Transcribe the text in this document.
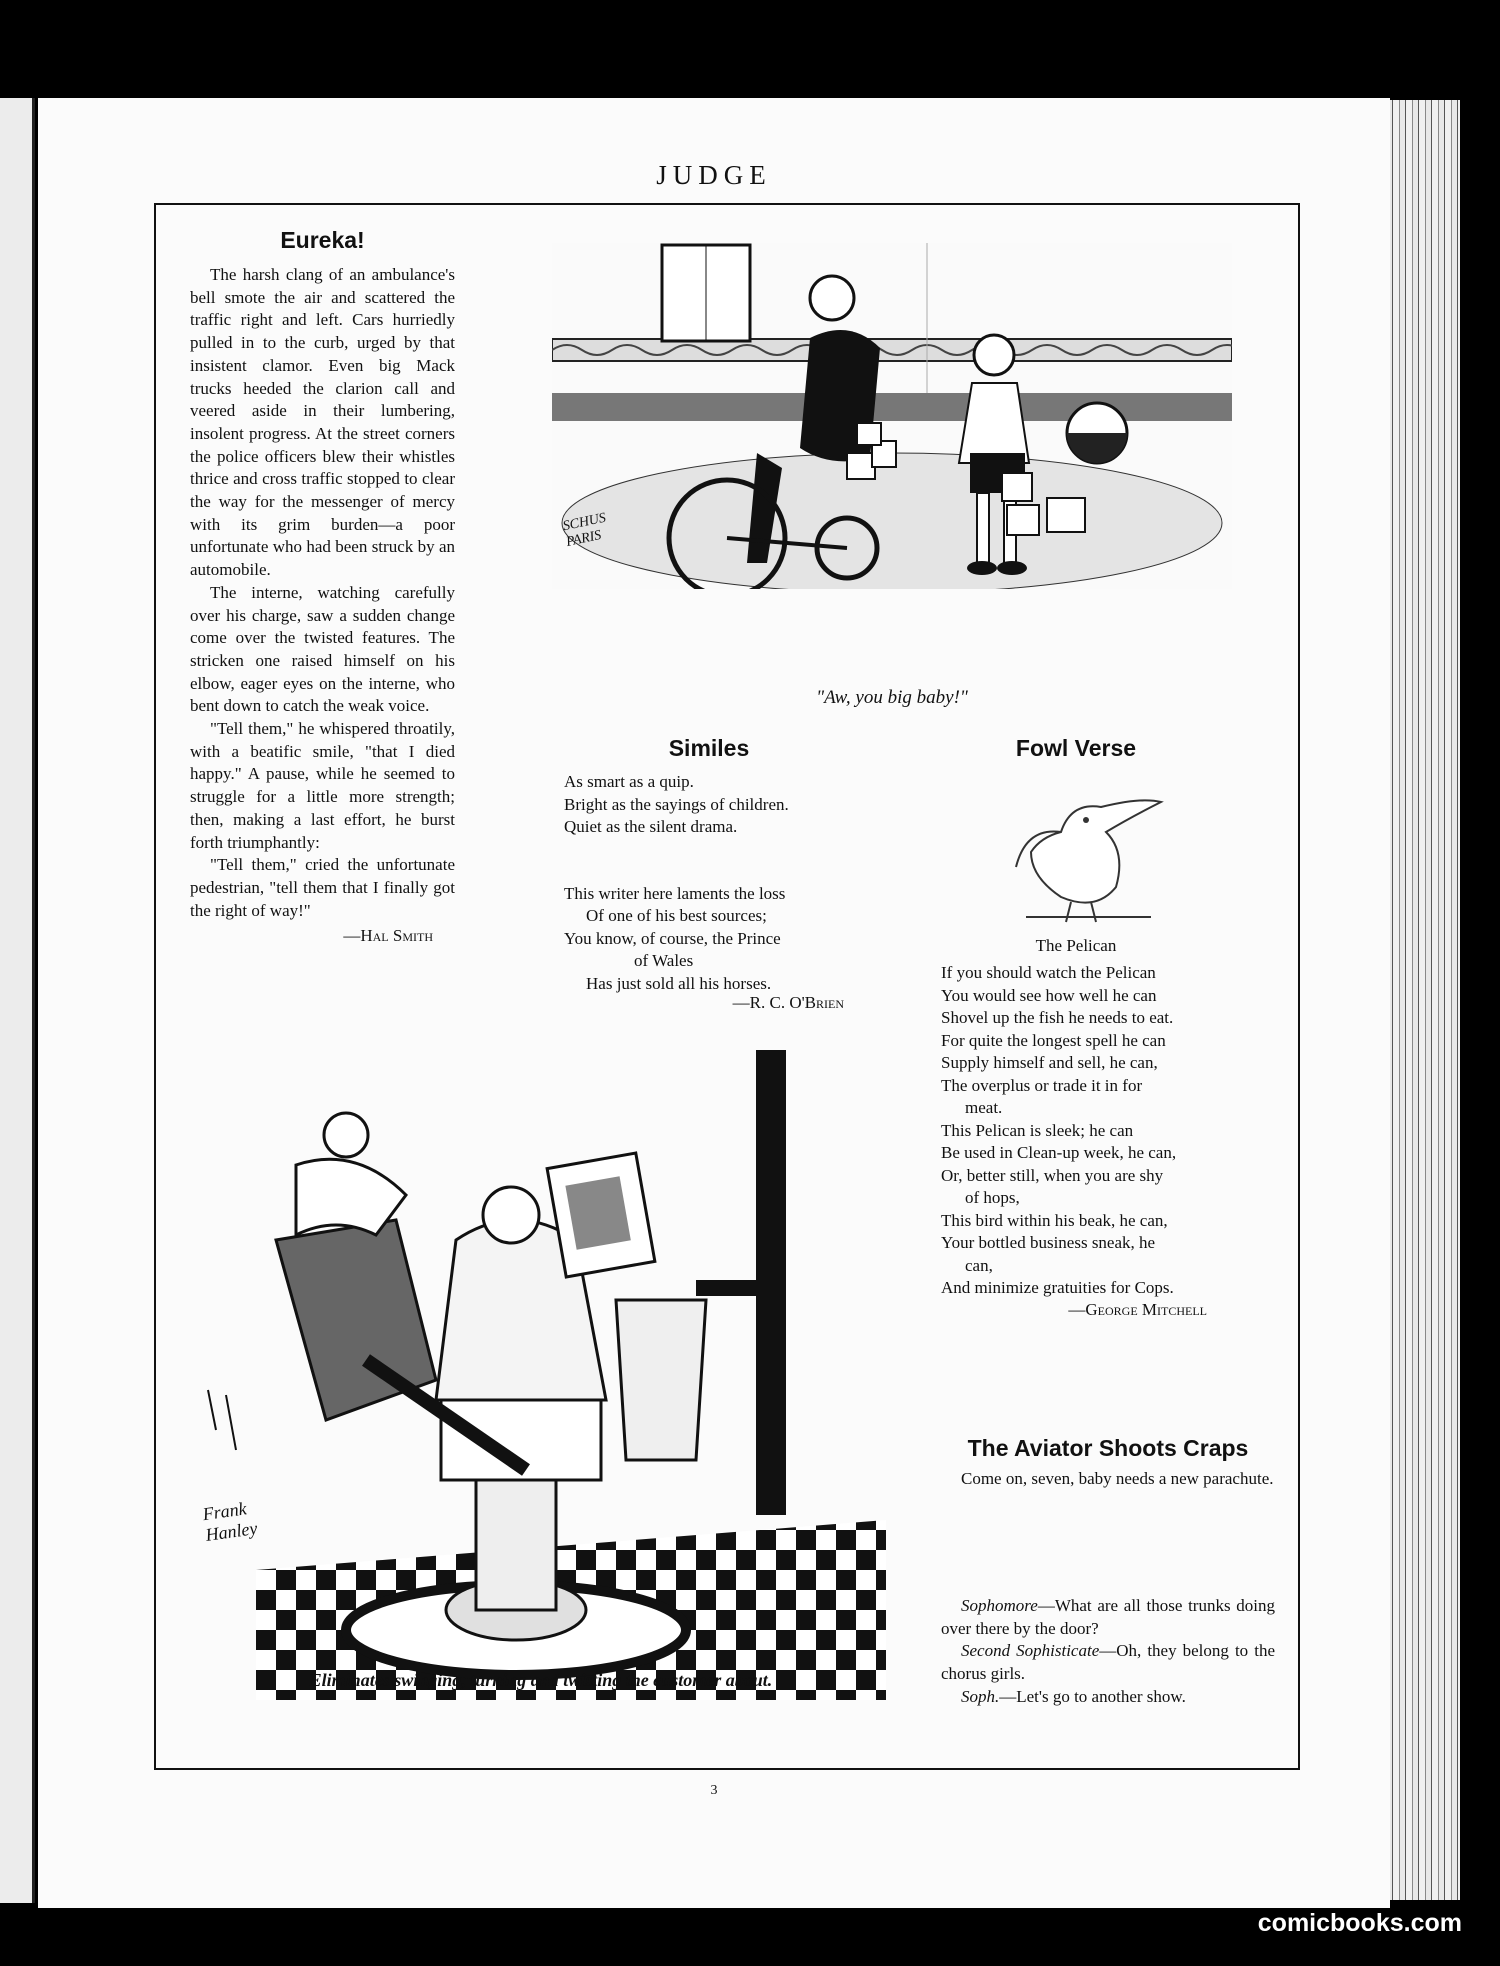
JUDGE
Eureka!

The harsh clang of an ambulance's bell smote the air and scattered the traffic right and left. Cars hurriedly pulled in to the curb, urged by that insistent clamor. Even big Mack trucks heeded the clarion call and veered aside in their lumbering, insolent progress. At the street corners the police officers blew their whistles thrice and cross traffic stopped to clear the way for the messenger of mercy with its grim burden—a poor unfortunate who had been struck by an automobile.

The interne, watching carefully over his charge, saw a sudden change come over the twisted features. The stricken one raised himself on his elbow, eager eyes on the interne, who bent down to catch the weak voice.

"Tell them," he whispered throatily, with a beatific smile, "that I died happy." A pause, while he seemed to struggle for a little more strength; then, making a last effort, he burst forth triumphantly:

"Tell them," cried the unfortunate pedestrian, "tell them that I finally got the right of way!"

—Hal Smith
SCHUS PARIS
"Aw, you big baby!"
Similes
As smart as a quip.
Bright as the sayings of children.
Quiet as the silent drama.
This writer here laments the loss
Of one of his best sources;
You know, of course, the Prince
of Wales
Has just sold all his horses.
—R. C. O'Brien
Fowl Verse
The Pelican
If you should watch the Pelican
You would see how well he can
Shovel up the fish he needs to eat.
For quite the longest spell he can
Supply himself and sell, he can,
The overplus or trade it in for
meat.
This Pelican is sleek; he can
Be used in Clean-up week, he can,
Or, better still, when you are shy
of hops,
This bird within his beak, he can,
Your bottled business sneak, he
can,
And minimize gratuities for Cops.
—George Mitchell
The Aviator Shoots Craps

Come on, seven, baby needs a new parachute.

Sophomore—What are all those trunks doing over there by the door?

Second Sophisticate—Oh, they belong to the chorus girls.

Soph.—Let's go to another show.

Frank Hanley
Eliminates swinging, turning and twisting the customer about.
3
comicbooks.com
